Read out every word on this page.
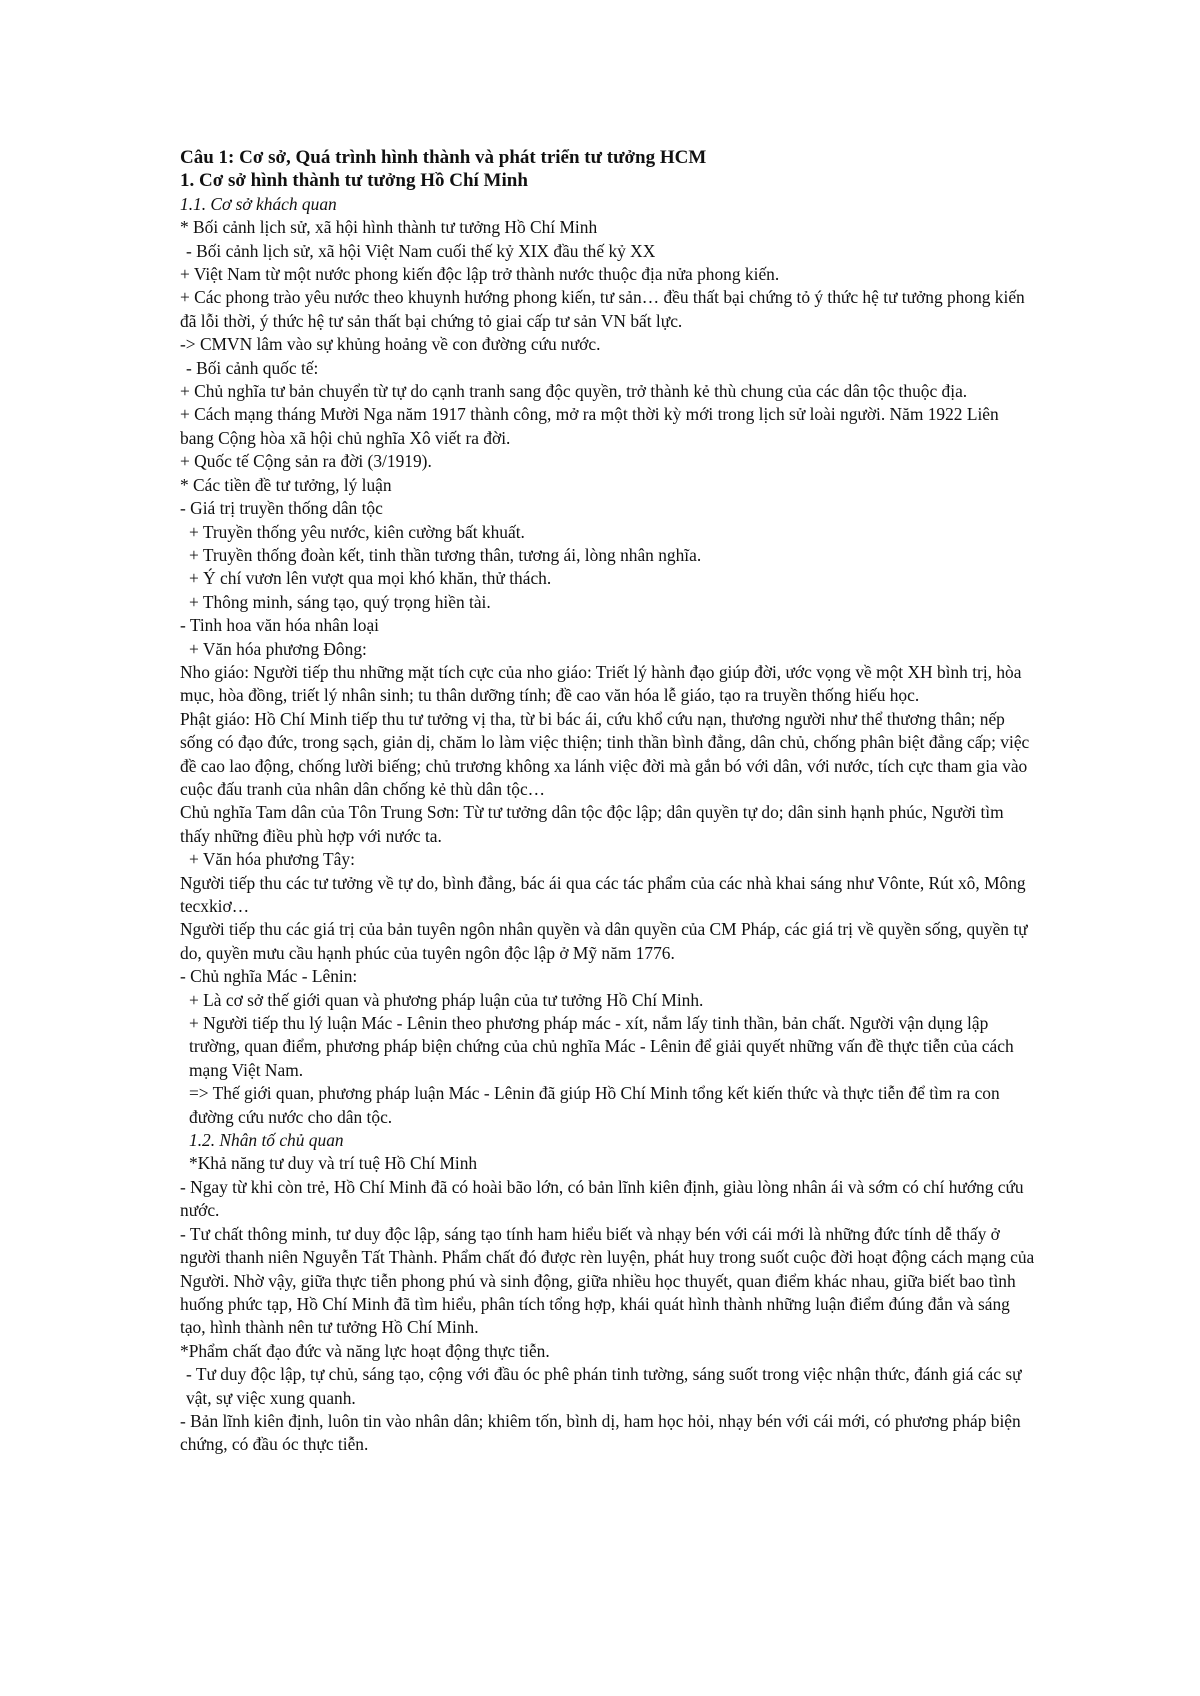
Câu 1: Cơ sở, Quá trình hình thành và phát triển tư tưởng HCM

1. Cơ sở hình thành tư tưởng Hồ Chí Minh

1.1. Cơ sở khách quan

* Bối cảnh lịch sử, xã hội hình thành tư tưởng Hồ Chí Minh

- Bối cảnh lịch sử, xã hội Việt Nam cuối thế kỷ XIX đầu thế kỷ XX

+ Việt Nam từ một nước phong kiến độc lập trở thành nước thuộc địa nửa phong kiến.

+ Các phong trào yêu nước theo khuynh hướng phong kiến, tư sản… đều thất bại chứng tỏ ý thức hệ tư tưởng phong kiến đã lỗi thời, ý thức hệ tư sản thất bại chứng tỏ giai cấp tư sản VN bất lực.

-> CMVN lâm vào sự khủng hoảng về con đường cứu nước.

- Bối cảnh quốc tế:

+ Chủ nghĩa tư bản chuyển từ tự do cạnh tranh sang độc quyền, trở thành kẻ thù chung của các dân tộc thuộc địa.

+ Cách mạng tháng Mười Nga năm 1917 thành công, mở ra một thời kỳ mới trong lịch sử loài người. Năm 1922 Liên bang Cộng hòa xã hội chủ nghĩa Xô viết ra đời.

+ Quốc tế Cộng sản ra đời (3/1919).

* Các tiền đề tư tưởng, lý luận

- Giá trị truyền thống dân tộc

+ Truyền thống yêu nước, kiên cường bất khuất.

+ Truyền thống đoàn kết, tinh thần tương thân, tương ái, lòng nhân nghĩa.

+ Ý chí vươn lên vượt qua mọi khó khăn, thử thách.

+ Thông minh, sáng tạo, quý trọng hiền tài.

- Tinh hoa văn hóa nhân loại

+ Văn hóa phương Đông:

Nho giáo: Người tiếp thu những mặt tích cực của nho giáo: Triết lý hành đạo giúp đời, ước vọng về một XH bình trị, hòa mục, hòa đồng, triết lý nhân sinh; tu thân dưỡng tính; đề cao văn hóa lễ giáo, tạo ra truyền thống hiếu học.

Phật giáo: Hồ Chí Minh tiếp thu tư tưởng vị tha, từ bi bác ái, cứu khổ cứu nạn, thương người như thể thương thân; nếp sống có đạo đức, trong sạch, giản dị, chăm lo làm việc thiện; tinh thần bình đẳng, dân chủ, chống phân biệt đẳng cấp; việc đề cao lao động, chống lười biếng; chủ trương không xa lánh việc đời mà gắn bó với dân, với nước, tích cực tham gia vào cuộc đấu tranh của nhân dân chống kẻ thù dân tộc…

Chủ nghĩa Tam dân của Tôn Trung Sơn: Từ tư tưởng dân tộc độc lập; dân quyền tự do; dân sinh hạnh phúc, Người tìm thấy những điều phù hợp với nước ta.

+ Văn hóa phương Tây:

Người tiếp thu các tư tưởng về tự do, bình đẳng, bác ái qua các tác phẩm của các nhà khai sáng như Vônte, Rút xô, Mông tecxkiơ…

Người tiếp thu các giá trị của bản tuyên ngôn nhân quyền và dân quyền của CM Pháp, các giá trị về quyền sống, quyền tự do, quyền mưu cầu hạnh phúc của tuyên ngôn độc lập ở Mỹ năm 1776.

- Chủ nghĩa Mác - Lênin:

+ Là cơ sở thế giới quan và phương pháp luận của tư tưởng Hồ Chí Minh.

+ Người tiếp thu lý luận Mác - Lênin theo phương pháp mác - xít, nắm lấy tinh thần, bản chất. Người vận dụng lập trường, quan điểm, phương pháp biện chứng của chủ nghĩa Mác - Lênin để giải quyết những vấn đề thực tiễn của cách mạng Việt Nam.

=> Thế giới quan, phương pháp luận Mác - Lênin đã giúp Hồ Chí Minh tổng kết kiến thức và thực tiễn để tìm ra con đường cứu nước cho dân tộc.

1.2. Nhân tố chủ quan

*Khả năng tư duy và trí tuệ Hồ Chí Minh

- Ngay từ khi còn trẻ, Hồ Chí Minh đã có hoài bão lớn, có bản lĩnh kiên định, giàu lòng nhân ái và sớm có chí hướng cứu nước.

- Tư chất thông minh, tư duy độc lập, sáng tạo tính ham hiểu biết và nhạy bén với cái mới là những đức tính dễ thấy ở người thanh niên Nguyễn Tất Thành. Phẩm chất đó được rèn luyện, phát huy trong suốt cuộc đời hoạt động cách mạng của Người. Nhờ vậy, giữa thực tiễn phong phú và sinh động, giữa nhiều học thuyết, quan điểm khác nhau, giữa biết bao tình huống phức tạp, Hồ Chí Minh đã tìm hiểu, phân tích tổng hợp, khái quát hình thành những luận điểm đúng đắn và sáng tạo, hình thành nên tư tưởng Hồ Chí Minh.

*Phẩm chất đạo đức và năng lực hoạt động thực tiễn.

- Tư duy độc lập, tự chủ, sáng tạo, cộng với đầu óc phê phán tinh tường, sáng suốt trong việc nhận thức, đánh giá các sự vật, sự việc xung quanh.

- Bản lĩnh kiên định, luôn tin vào nhân dân; khiêm tốn, bình dị, ham học hỏi, nhạy bén với cái mới, có phương pháp biện chứng, có đầu óc thực tiễn.
